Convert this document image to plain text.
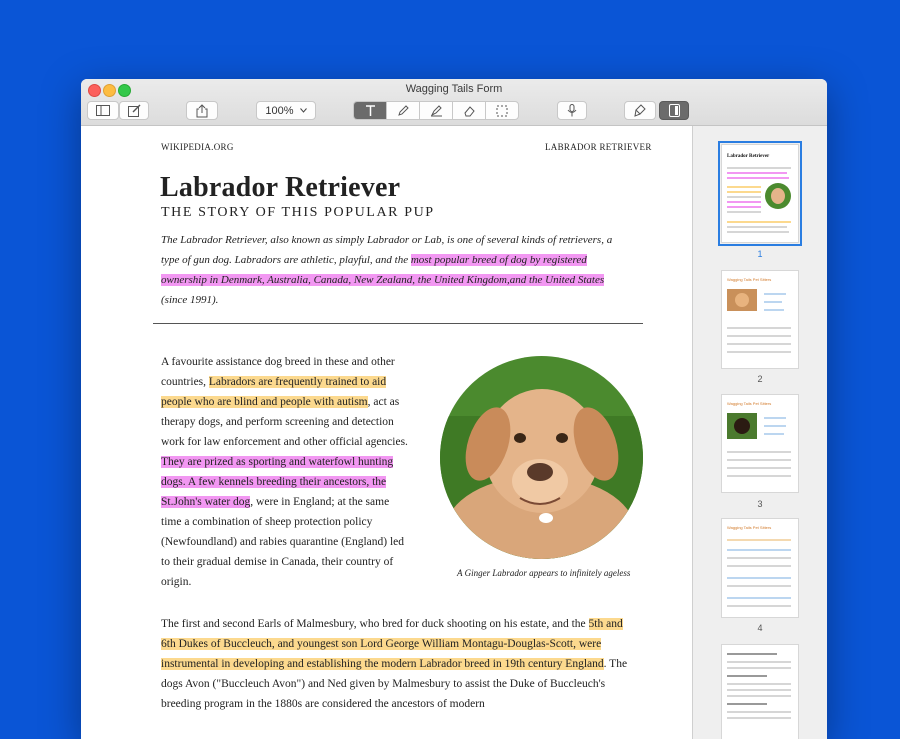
Wagging Tails Form
100%
WIKIPEDIA.ORG	LABRADOR RETRIEVER
Labrador Retriever
THE STORY OF THIS POPULAR PUP
The Labrador Retriever, also known as simply Labrador or Lab, is one of several kinds of retrievers, a type of gun dog. Labradors are athletic, playful, and the most popular breed of dog by registered ownership in Denmark, Australia, Canada, New Zealand, the United Kingdom,and the United States (since 1991).
A favourite assistance dog breed in these and other countries, Labradors are frequently trained to aid people who are blind and people with autism, act as therapy dogs, and perform screening and detection work for law enforcement and other official agencies. They are prized as sporting and waterfowl hunting dogs. A few kennels breeding their ancestors, the St.John's water dog, were in England; at the same time a combination of sheep protection policy (Newfoundland) and rabies quarantine (England) led to their gradual demise in Canada, their country of origin.
A Ginger Labrador appears to infinitely ageless
The first and second Earls of Malmesbury, who bred for duck shooting on his estate, and the 5th and 6th Dukes of Buccleuch, and youngest son Lord George William Montagu-Douglas-Scott, were instrumental in developing and establishing the modern Labrador breed in 19th century England. The dogs Avon ("Buccleuch Avon") and Ned given by Malmesbury to assist the Duke of Buccleuch's breeding program in the 1880s are considered the ancestors of modern
Labrador Retriever
1
Wagging Tails Pet Sitters
2
Wagging Tails Pet Sitters
3
Wagging Tails Pet Sitters
4
